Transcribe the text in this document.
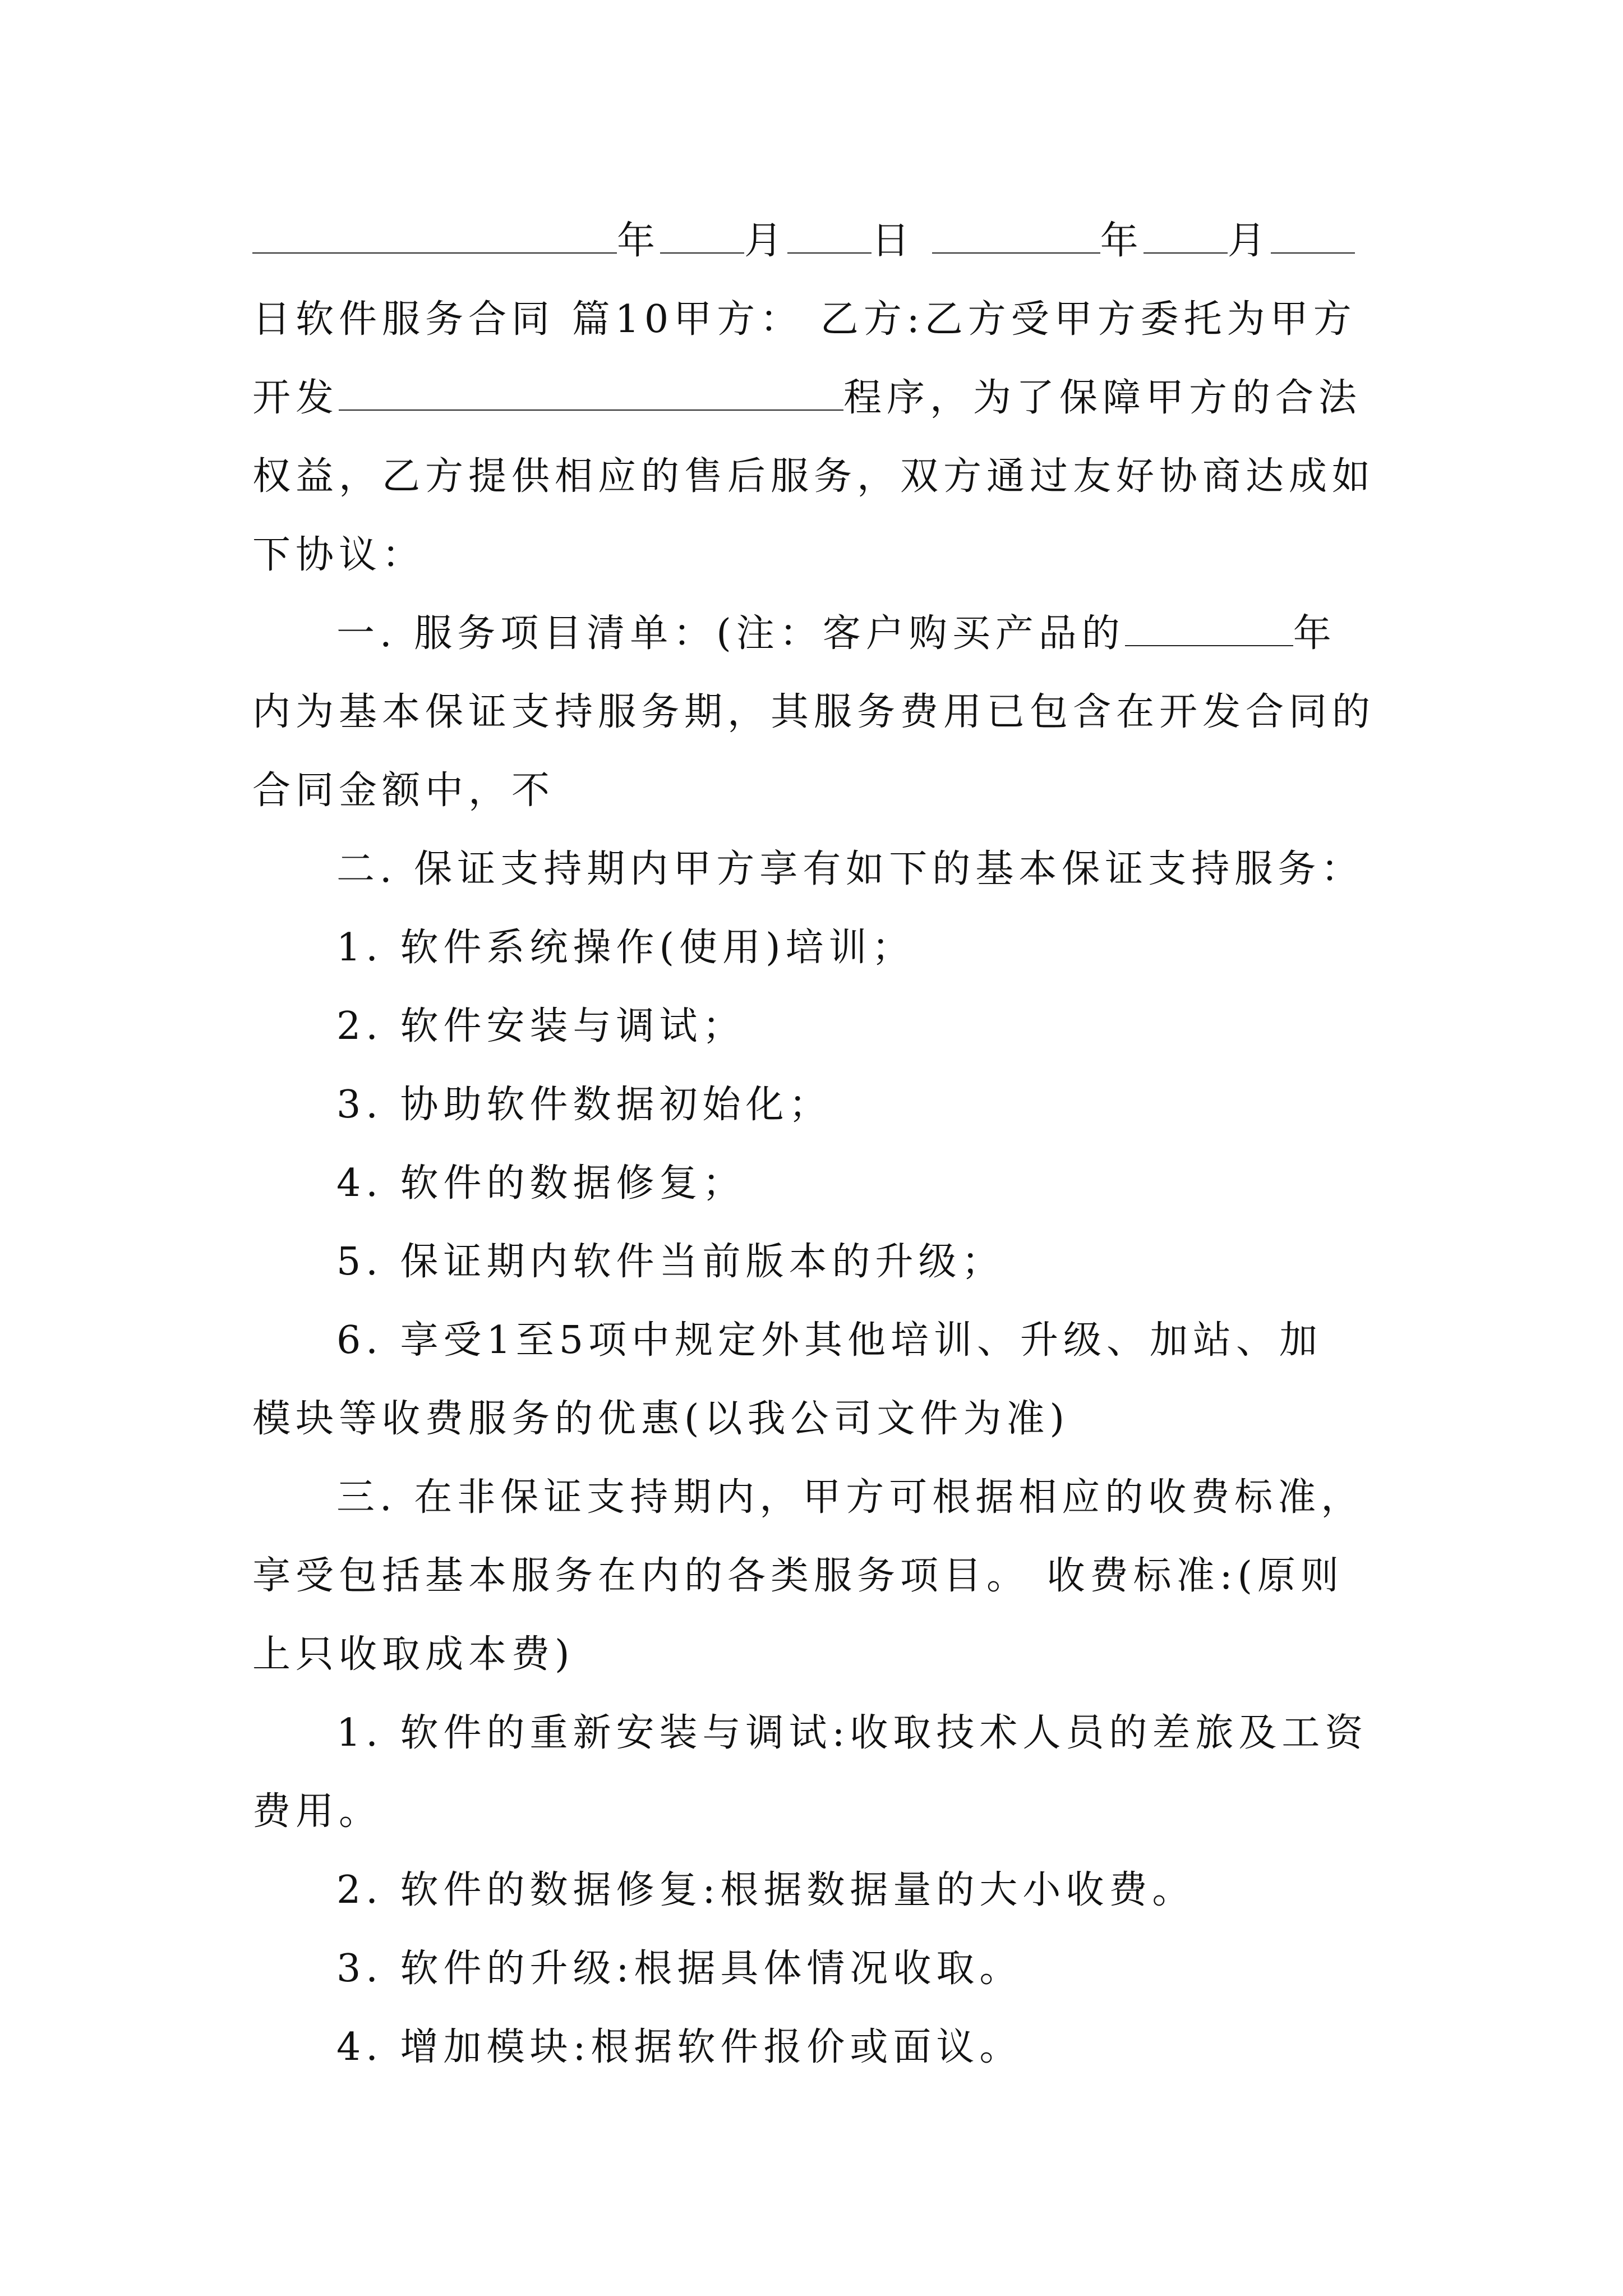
年 月 日	年 月
日软件服务合同 篇10甲方： 乙方:乙方受甲方委托为甲方
开发	程序，为了保障甲方的合法
权益，乙方提供相应的售后服务，双方通过友好协商达成如
下协议：
一. 服务项目清单：(注：客户购买产品的	年
内为基本保证支持服务期，其服务费用已包含在开发合同的
合同金额中，不
二. 保证支持期内甲方享有如下的基本保证支持服务：
1. 软件系统操作(使用)培训；
2. 软件安装与调试；
3. 协助软件数据初始化；
4. 软件的数据修复；
5. 保证期内软件当前版本的升级；
6. 享受1至5项中规定外其他培训、升级、加站、加
模块等收费服务的优惠(以我公司文件为准)
三. 在非保证支持期内，甲方可根据相应的收费标准，
享受包括基本服务在内的各类服务项目。 收费标准:(原则
上只收取成本费)
1. 软件的重新安装与调试:收取技术人员的差旅及工资
费用。
2. 软件的数据修复:根据数据量的大小收费。
3. 软件的升级:根据具体情况收取。
4. 增加模块:根据软件报价或面议。
